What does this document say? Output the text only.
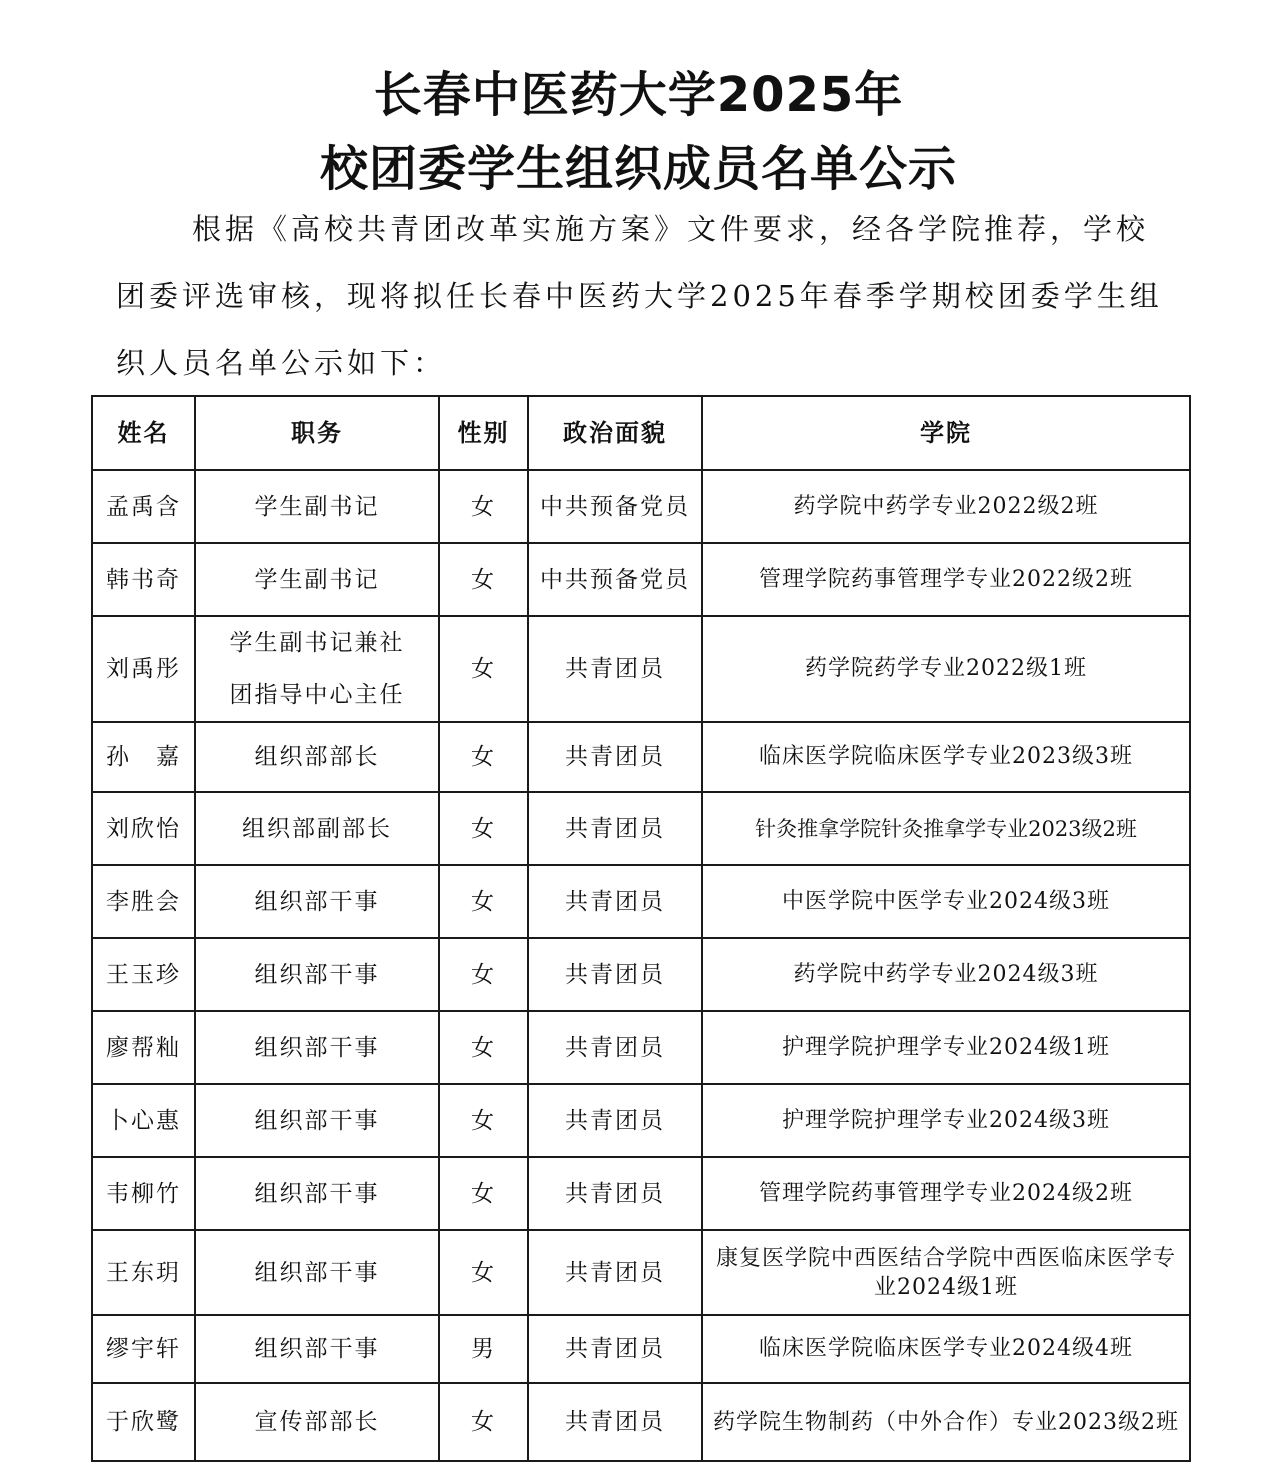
长春中医药大学2025年
校团委学生组织成员名单公示

根据《高校共青团改革实施方案》文件要求，经各学院推荐，学校团委评选审核，现将拟任长春中医药大学2025年春季学期校团委学生组织人员名单公示如下：

姓名	职务	性别	政治面貌	学院
孟禹含	学生副书记	女	中共预备党员	药学院中药学专业2022级2班
韩书奇	学生副书记	女	中共预备党员	管理学院药事管理学专业2022级2班
刘禹彤	学生副书记兼社团指导中心主任	女	共青团员	药学院药学专业2022级1班
孙　嘉	组织部部长	女	共青团员	临床医学院临床医学专业2023级3班
刘欣怡	组织部副部长	女	共青团员	针灸推拿学院针灸推拿学专业2023级2班
李胜会	组织部干事	女	共青团员	中医学院中医学专业2024级3班
王玉珍	组织部干事	女	共青团员	药学院中药学专业2024级3班
廖帮籼	组织部干事	女	共青团员	护理学院护理学专业2024级1班
卜心惠	组织部干事	女	共青团员	护理学院护理学专业2024级3班
韦柳竹	组织部干事	女	共青团员	管理学院药事管理学专业2024级2班
王东玥	组织部干事	女	共青团员	康复医学院中西医结合学院中西医临床医学专业2024级1班
缪宇轩	组织部干事	男	共青团员	临床医学院临床医学专业2024级4班
于欣鹭	宣传部部长	女	共青团员	药学院生物制药（中外合作）专业2023级2班
